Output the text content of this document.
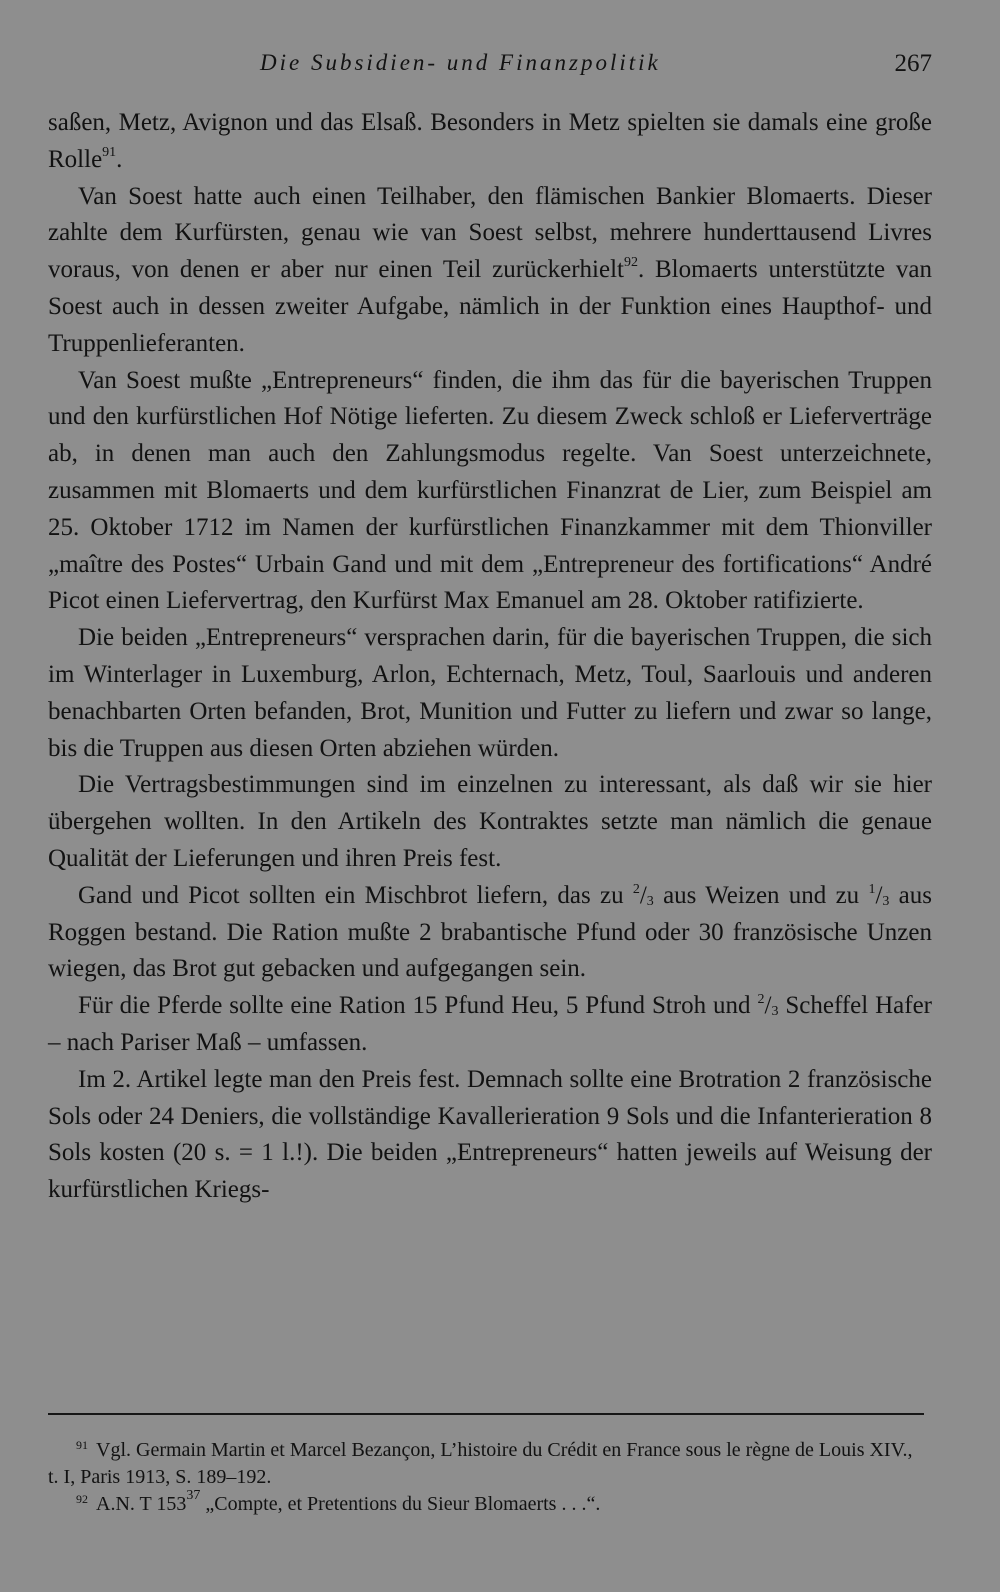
Die Subsidien- und Finanzpolitik	267

saßen, Metz, Avignon und das Elsaß. Besonders in Metz spielten sie damals eine große Rolle$^{91}$.

Van Soest hatte auch einen Teilhaber, den flämischen Bankier Blomaerts. Dieser zahlte dem Kurfürsten, genau wie van Soest selbst, mehrere hunderttausend Livres voraus, von denen er aber nur einen Teil zurückerhielt$^{92}$. Blomaerts unterstützte van Soest auch in dessen zweiter Aufgabe, nämlich in der Funktion eines Haupthof- und Truppenlieferanten.

Van Soest mußte „Entrepreneurs“ finden, die ihm das für die bayerischen Truppen und den kurfürstlichen Hof Nötige lieferten. Zu diesem Zweck schloß er Lieferverträge ab, in denen man auch den Zahlungsmodus regelte. Van Soest unterzeichnete, zusammen mit Blomaerts und dem kurfürstlichen Finanzrat de Lier, zum Beispiel am 25. Oktober 1712 im Namen der kurfürstlichen Finanzkammer mit dem Thionviller „maître des Postes“ Urbain Gand und mit dem „Entrepreneur des fortifications“ André Picot einen Liefervertrag, den Kurfürst Max Emanuel am 28. Oktober ratifizierte.

Die beiden „Entrepreneurs“ versprachen darin, für die bayerischen Truppen, die sich im Winterlager in Luxemburg, Arlon, Echternach, Metz, Toul, Saarlouis und anderen benachbarten Orten befanden, Brot, Munition und Futter zu liefern und zwar so lange, bis die Truppen aus diesen Orten abziehen würden.

Die Vertragsbestimmungen sind im einzelnen zu interessant, als daß wir sie hier übergehen wollten. In den Artikeln des Kontraktes setzte man nämlich die genaue Qualität der Lieferungen und ihren Preis fest.

Gand und Picot sollten ein Mischbrot liefern, das zu $^2/_3$ aus Weizen und zu $^1/_3$ aus Roggen bestand. Die Ration mußte 2 brabantische Pfund oder 30 französische Unzen wiegen, das Brot gut gebacken und aufgegangen sein.

Für die Pferde sollte eine Ration 15 Pfund Heu, 5 Pfund Stroh und $^2/_3$ Scheffel Hafer – nach Pariser Maß – umfassen.

Im 2. Artikel legte man den Preis fest. Demnach sollte eine Brotration 2 französische Sols oder 24 Deniers, die vollständige Kavallerieration 9 Sols und die Infanterieration 8 Sols kosten (20 s. = 1 l.!). Die beiden „Entrepreneurs“ hatten jeweils auf Weisung der kurfürstlichen Kriegs-

$^{91}$ Vgl. Germain Martin et Marcel Bezançon, L’histoire du Crédit en France sous le règne de Louis XIV., t. I, Paris 1913, S. 189–192.

$^{92}$ A.N. T $153^{37}$ „Compte, et Pretentions du Sieur Blomaerts . . .“.
